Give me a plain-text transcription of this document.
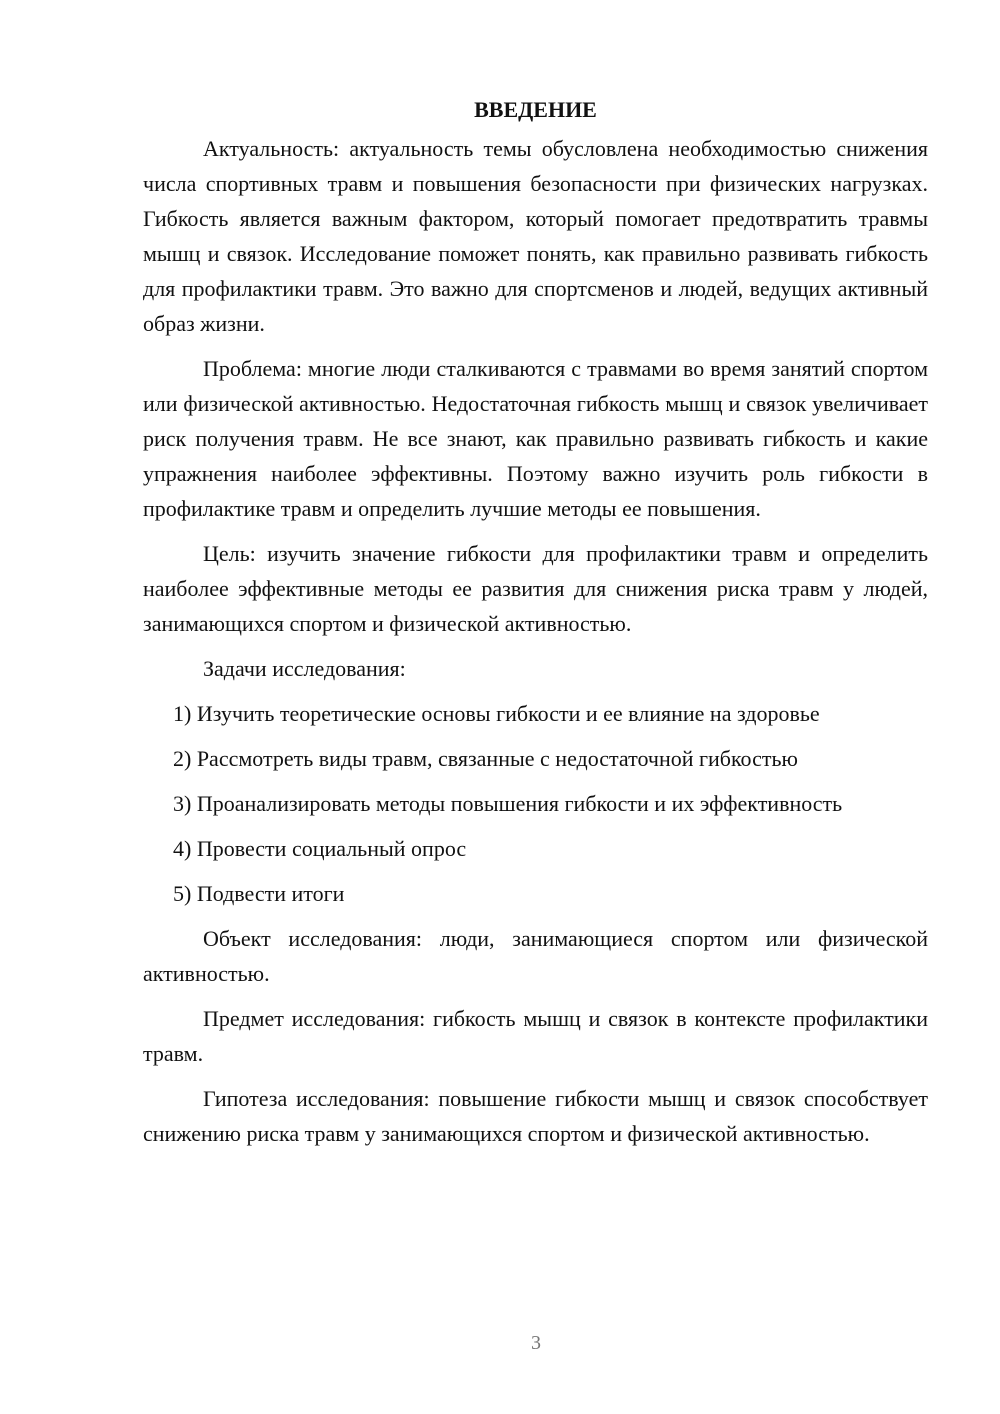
ВВЕДЕНИЕ

Актуальность: актуальность темы обусловлена необходимостью снижения числа спортивных травм и повышения безопасности при физических нагрузках. Гибкость является важным фактором, который помогает предотвратить травмы мышц и связок. Исследование поможет понять, как правильно развивать гибкость для профилактики травм. Это важно для спортсменов и людей, ведущих активный образ жизни.

Проблема: многие люди сталкиваются с травмами во время занятий спортом или физической активностью. Недостаточная гибкость мышц и связок увеличивает риск получения травм. Не все знают, как правильно развивать гибкость и какие упражнения наиболее эффективны. Поэтому важно изучить роль гибкости в профилактике травм и определить лучшие методы ее повышения.

Цель: изучить значение гибкости для профилактики травм и определить наиболее эффективные методы ее развития для снижения риска травм у людей, занимающихся спортом и физической активностью.

Задачи исследования:

1) Изучить теоретические основы гибкости и ее влияние на здоровье

2) Рассмотреть виды травм, связанные с недостаточной гибкостью

3) Проанализировать методы повышения гибкости и их эффективность

4) Провести социальный опрос

5) Подвести итоги

Объект исследования: люди, занимающиеся спортом или физической активностью.

Предмет исследования: гибкость мышц и связок в контексте профилактики травм.

Гипотеза исследования: повышение гибкости мышц и связок способствует снижению риска травм у занимающихся спортом и физической активностью.

3
